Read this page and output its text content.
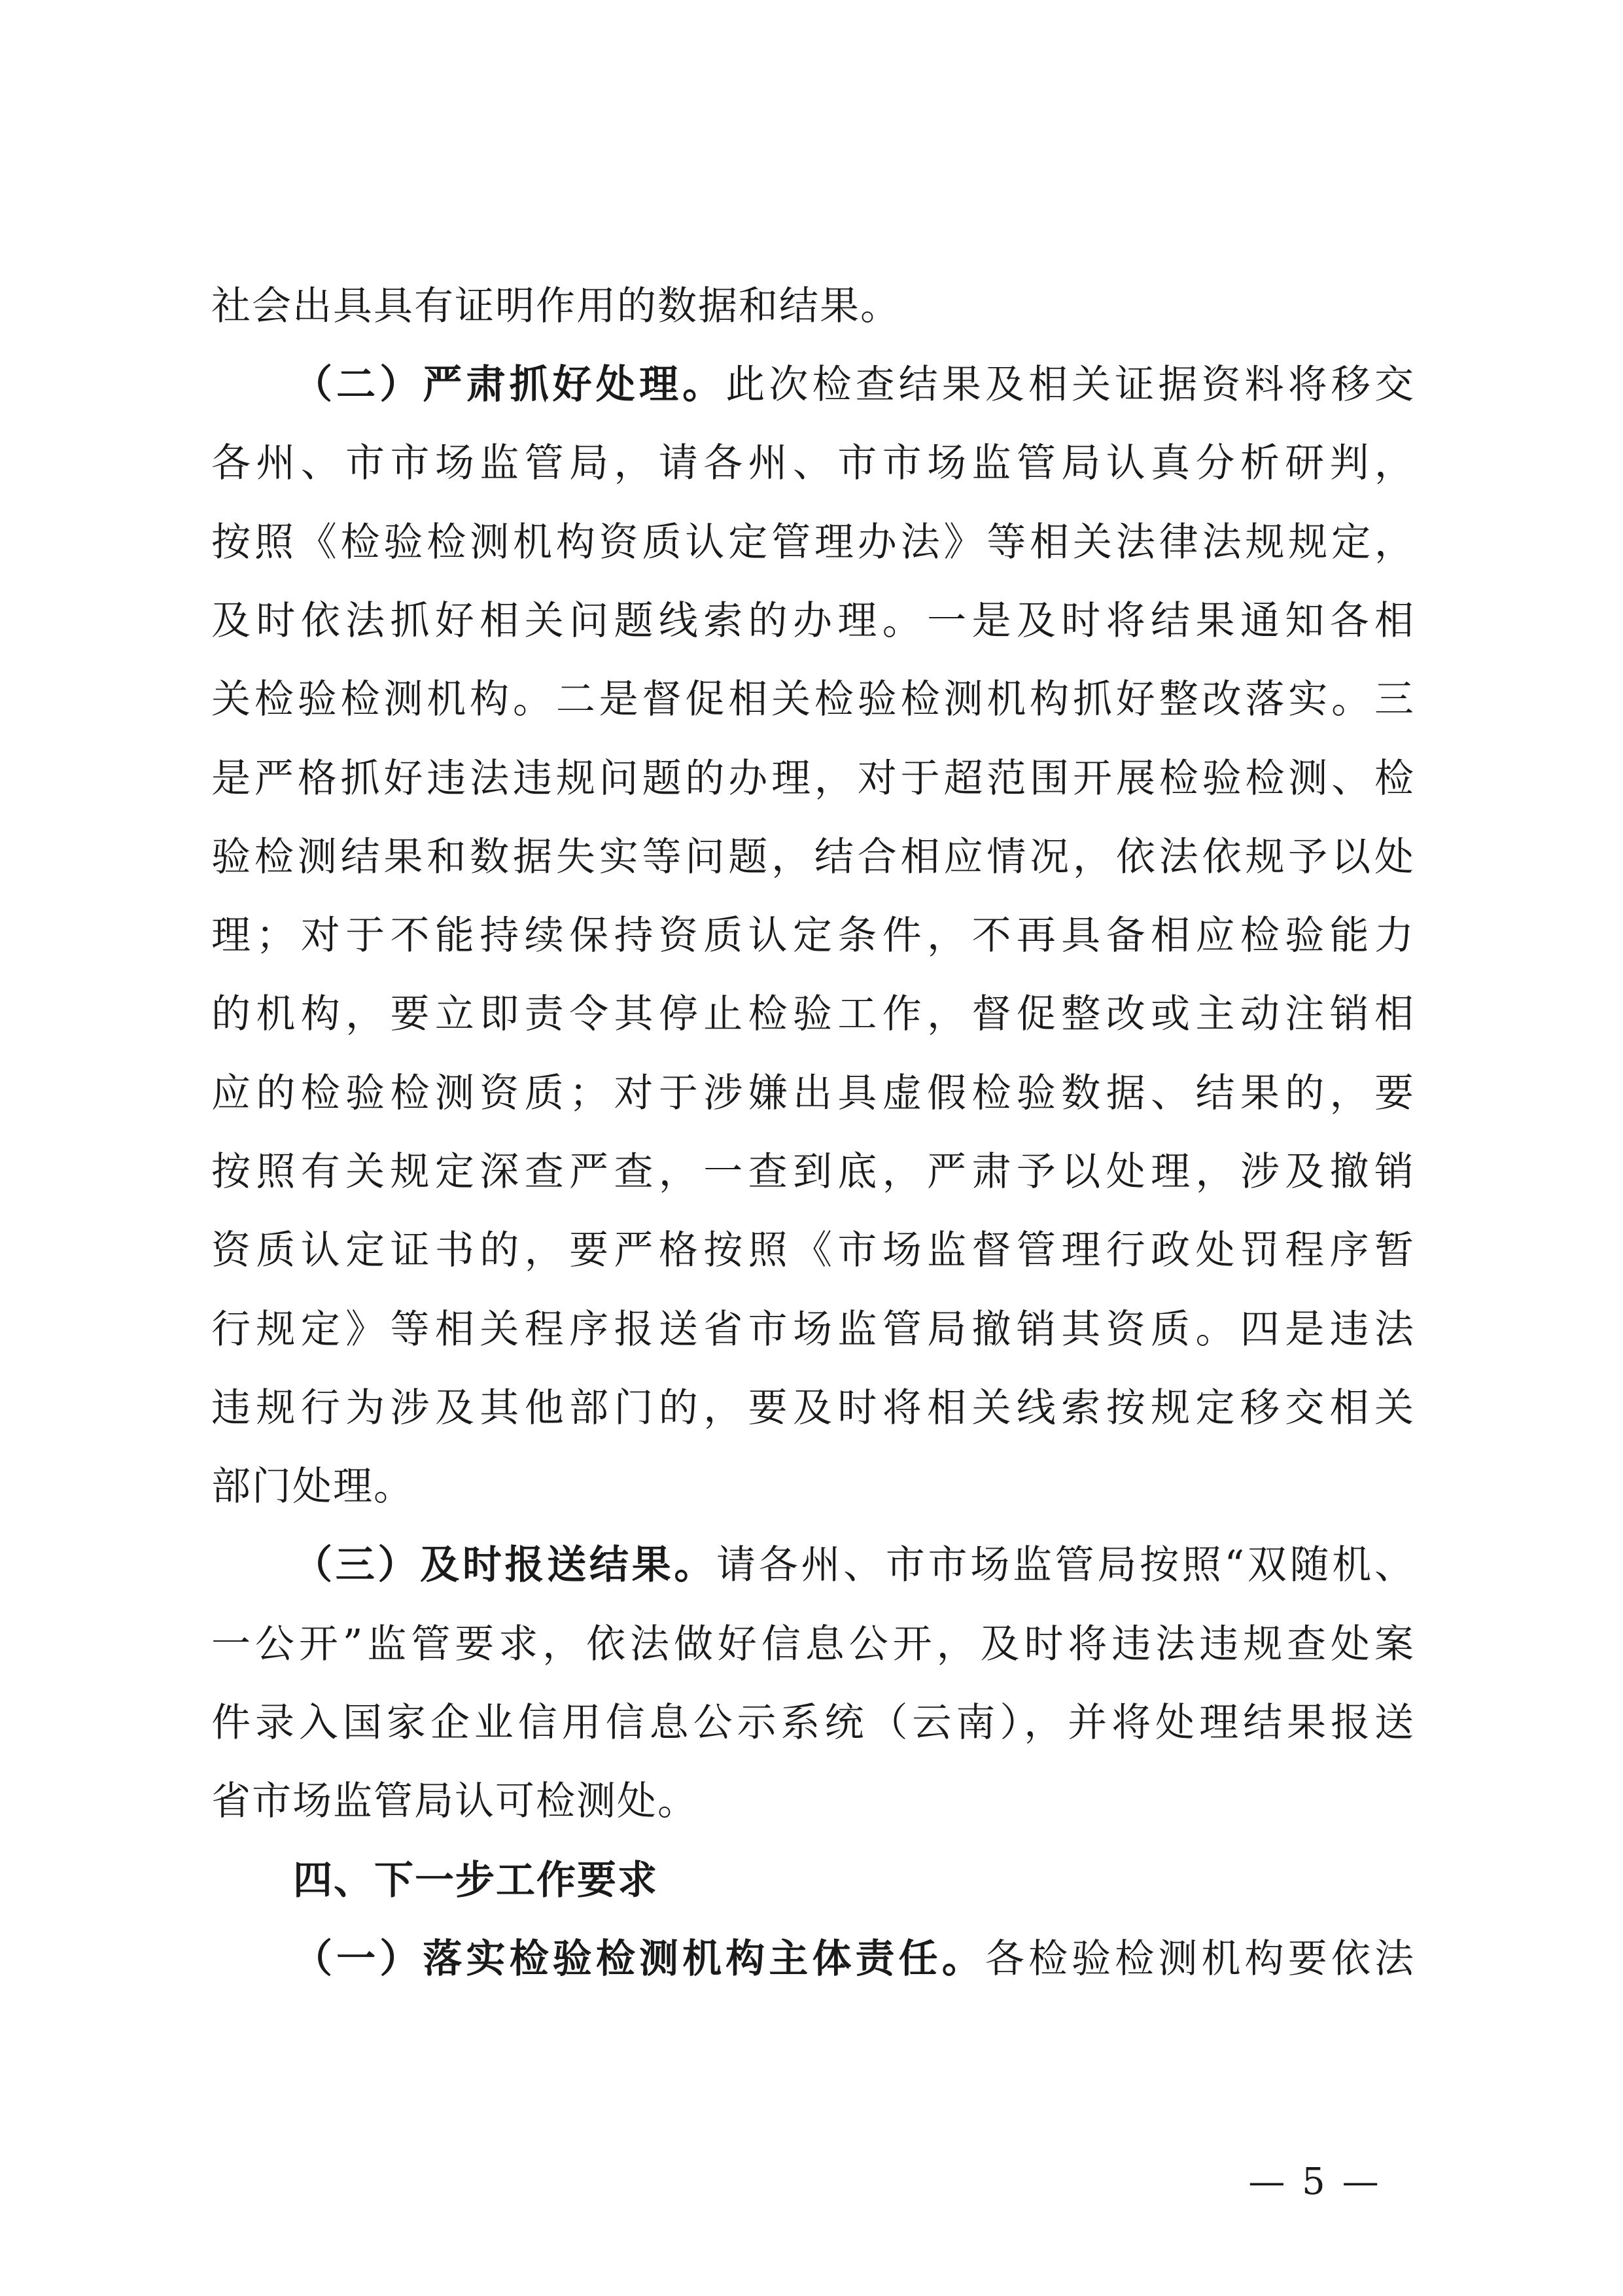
社会出具具有证明作用的数据和结果。
（二）严肃抓好处理。此次检查结果及相关证据资料将移交
各州、市市场监管局，请各州、市市场监管局认真分析研判，
按照《检验检测机构资质认定管理办法》等相关法律法规规定，
及时依法抓好相关问题线索的办理。一是及时将结果通知各相
关检验检测机构。二是督促相关检验检测机构抓好整改落实。三
是严格抓好违法违规问题的办理，对于超范围开展检验检测、检
验检测结果和数据失实等问题，结合相应情况，依法依规予以处
理；对于不能持续保持资质认定条件，不再具备相应检验能力
的机构，要立即责令其停止检验工作，督促整改或主动注销相
应的检验检测资质；对于涉嫌出具虚假检验数据、结果的，要
按照有关规定深查严查，一查到底，严肃予以处理，涉及撤销
资质认定证书的，要严格按照《市场监督管理行政处罚程序暂
行规定》等相关程序报送省市场监管局撤销其资质。四是违法
违规行为涉及其他部门的，要及时将相关线索按规定移交相关
部门处理。
（三）及时报送结果。请各州、市市场监管局按照“双随机、
一公开”监管要求，依法做好信息公开，及时将违法违规查处案
件录入国家企业信用信息公示系统（云南），并将处理结果报送
省市场监管局认可检测处。
四、下一步工作要求
（一）落实检验检测机构主体责任。各检验检测机构要依法
— 5 —
